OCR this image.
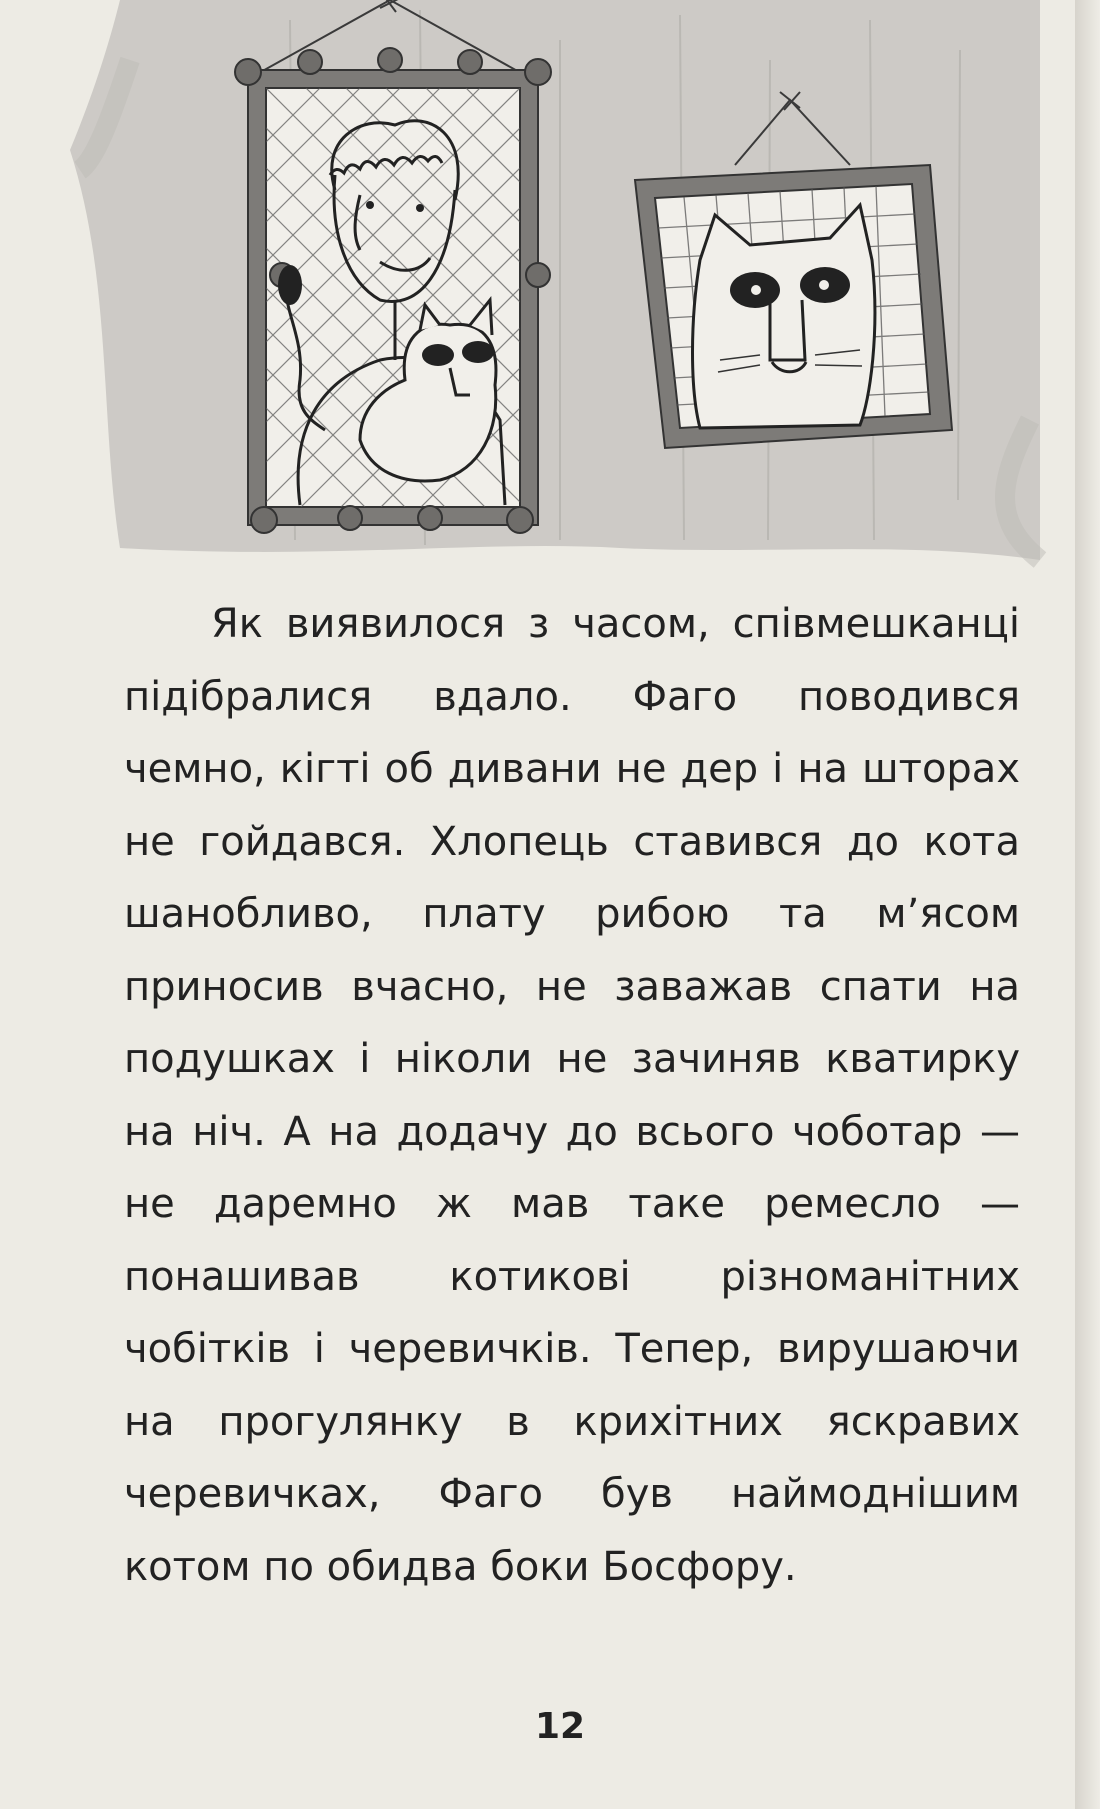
Як виявилося з часом, співмешканці підібралися вдало. Фаго поводився чемно, кігті об дивани не дер і на шторах не гойдався. Хлопець ставився до кота шанобливо, плату рибою та м’ясом приносив вчасно, не заважав спати на подушках і ніколи не зачиняв кватирку на ніч. А на додачу до всього чоботар — не даремно ж мав таке ремесло — понашивав котикові різноманітних чобітків і черевичків. Тепер, вирушаючи на прогулянку в крихітних яскравих черевичках, Фаго був наймоднішим котом по обидва боки Босфору.

12
